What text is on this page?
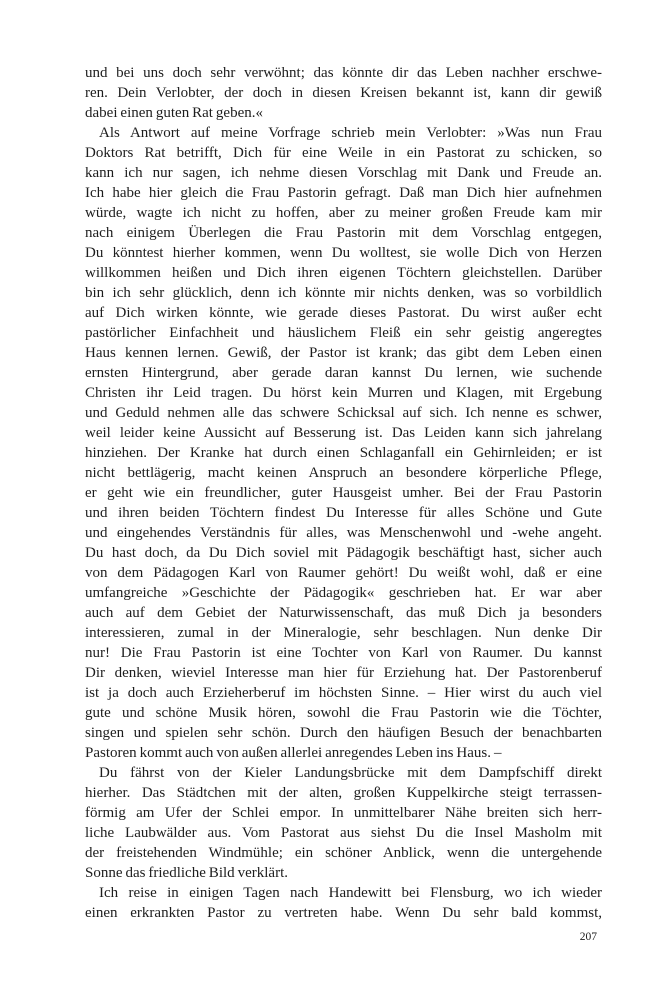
und bei uns doch sehr verwöhnt; das könnte dir das Leben nachher erschwe-
ren. Dein Verlobter, der doch in diesen Kreisen bekannt ist, kann dir gewiß
dabei einen guten Rat geben.«
Als Antwort auf meine Vorfrage schrieb mein Verlobter: »Was nun Frau
Doktors Rat betrifft, Dich für eine Weile in ein Pastorat zu schicken, so
kann ich nur sagen, ich nehme diesen Vorschlag mit Dank und Freude an.
Ich habe hier gleich die Frau Pastorin gefragt. Daß man Dich hier aufnehmen
würde, wagte ich nicht zu hoffen, aber zu meiner großen Freude kam mir
nach einigem Überlegen die Frau Pastorin mit dem Vorschlag entgegen,
Du könntest hierher kommen, wenn Du wolltest, sie wolle Dich von Herzen
willkommen heißen und Dich ihren eigenen Töchtern gleichstellen. Darüber
bin ich sehr glücklich, denn ich könnte mir nichts denken, was so vorbildlich
auf Dich wirken könnte, wie gerade dieses Pastorat. Du wirst außer echt
pastörlicher Einfachheit und häuslichem Fleiß ein sehr geistig angeregtes
Haus kennen lernen. Gewiß, der Pastor ist krank; das gibt dem Leben einen
ernsten Hintergrund, aber gerade daran kannst Du lernen, wie suchende
Christen ihr Leid tragen. Du hörst kein Murren und Klagen, mit Ergebung
und Geduld nehmen alle das schwere Schicksal auf sich. Ich nenne es schwer,
weil leider keine Aussicht auf Besserung ist. Das Leiden kann sich jahrelang
hinziehen. Der Kranke hat durch einen Schlaganfall ein Gehirnleiden; er ist
nicht bettlägerig, macht keinen Anspruch an besondere körperliche Pflege,
er geht wie ein freundlicher, guter Hausgeist umher. Bei der Frau Pastorin
und ihren beiden Töchtern findest Du Interesse für alles Schöne und Gute
und eingehendes Verständnis für alles, was Menschenwohl und -wehe angeht.
Du hast doch, da Du Dich soviel mit Pädagogik beschäftigt hast, sicher auch
von dem Pädagogen Karl von Raumer gehört! Du weißt wohl, daß er eine
umfangreiche »Geschichte der Pädagogik« geschrieben hat. Er war aber
auch auf dem Gebiet der Naturwissenschaft, das muß Dich ja besonders
interessieren, zumal in der Mineralogie, sehr beschlagen. Nun denke Dir
nur! Die Frau Pastorin ist eine Tochter von Karl von Raumer. Du kannst
Dir denken, wieviel Interesse man hier für Erziehung hat. Der Pastorenberuf
ist ja doch auch Erzieherberuf im höchsten Sinne. – Hier wirst du auch viel
gute und schöne Musik hören, sowohl die Frau Pastorin wie die Töchter,
singen und spielen sehr schön. Durch den häufigen Besuch der benachbarten
Pastoren kommt auch von außen allerlei anregendes Leben ins Haus. –
Du fährst von der Kieler Landungsbrücke mit dem Dampfschiff direkt
hierher. Das Städtchen mit der alten, großen Kuppelkirche steigt terrassen-
förmig am Ufer der Schlei empor. In unmittelbarer Nähe breiten sich herr-
liche Laubwälder aus. Vom Pastorat aus siehst Du die Insel Masholm mit
der freistehenden Windmühle; ein schöner Anblick, wenn die untergehende
Sonne das friedliche Bild verklärt.
Ich reise in einigen Tagen nach Handewitt bei Flensburg, wo ich wieder
einen erkrankten Pastor zu vertreten habe. Wenn Du sehr bald kommst,
207
